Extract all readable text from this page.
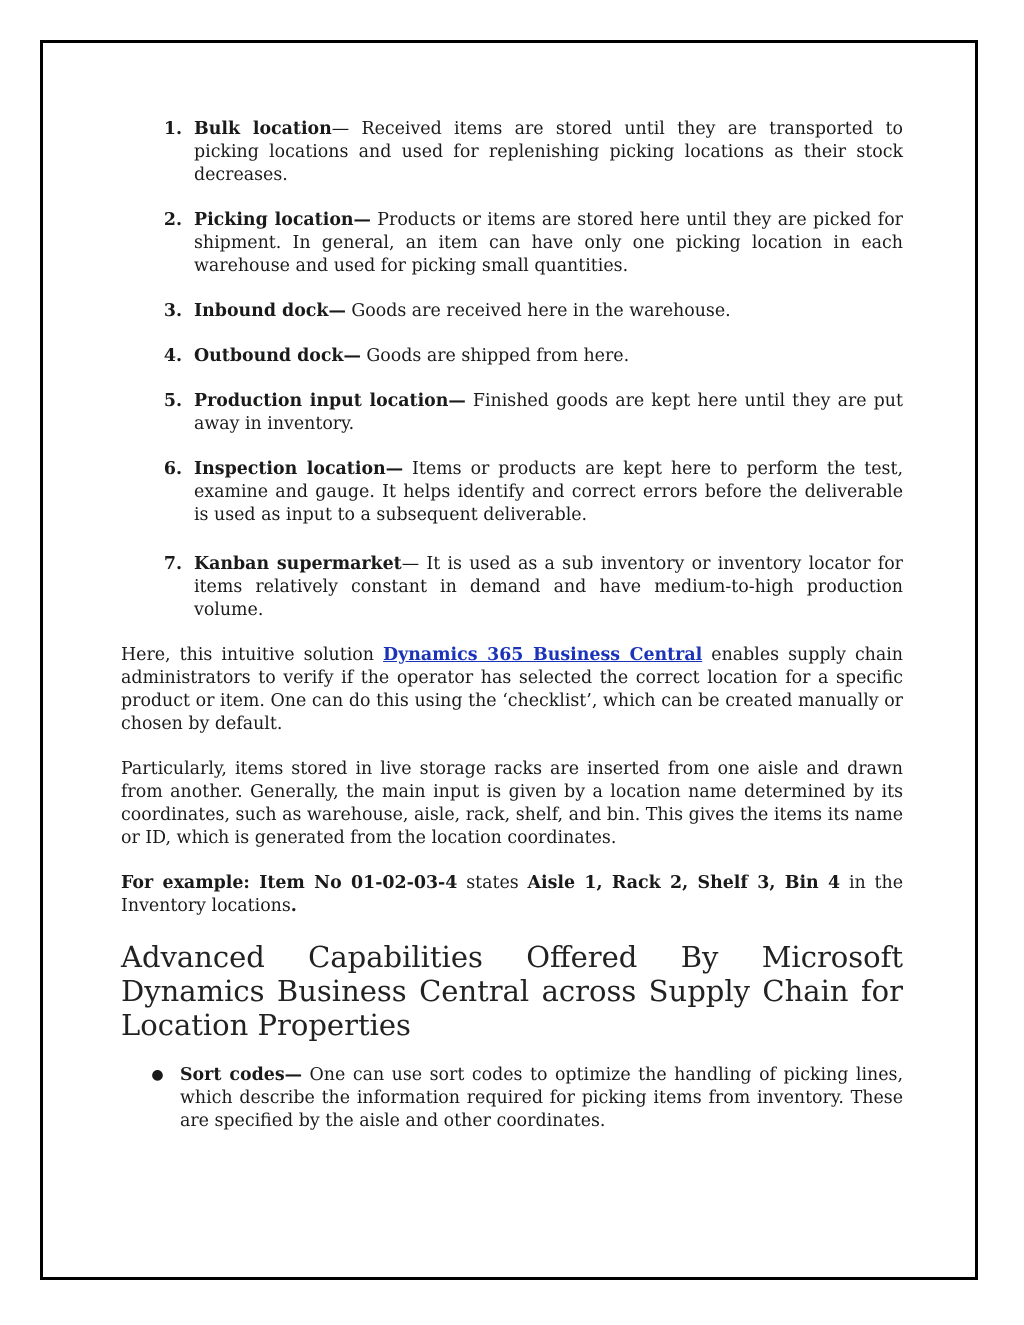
1. Bulk location— Received items are stored until they are transported to picking locations and used for replenishing picking locations as their stock decreases.
2. Picking location— Products or items are stored here until they are picked for shipment. In general, an item can have only one picking location in each warehouse and used for picking small quantities.
3. Inbound dock— Goods are received here in the warehouse.
4. Outbound dock— Goods are shipped from here.
5. Production input location— Finished goods are kept here until they are put away in inventory.
6. Inspection location— Items or products are kept here to perform the test, examine and gauge. It helps identify and correct errors before the deliverable is used as input to a subsequent deliverable.
7. Kanban supermarket— It is used as a sub inventory or inventory locator for items relatively constant in demand and have medium-to-high production volume.

Here, this intuitive solution Dynamics 365 Business Central enables supply chain administrators to verify if the operator has selected the correct location for a specific product or item. One can do this using the ‘checklist’, which can be created manually or chosen by default.

Particularly, items stored in live storage racks are inserted from one aisle and drawn from another. Generally, the main input is given by a location name determined by its coordinates, such as warehouse, aisle, rack, shelf, and bin. This gives the items its name or ID, which is generated from the location coordinates.

For example: Item No 01-02-03-4 states Aisle 1, Rack 2, Shelf 3, Bin 4 in the Inventory locations.

Advanced Capabilities Offered By Microsoft Dynamics Business Central across Supply Chain for Location Properties
● Sort codes— One can use sort codes to optimize the handling of picking lines, which describe the information required for picking items from inventory. These are specified by the aisle and other coordinates.
